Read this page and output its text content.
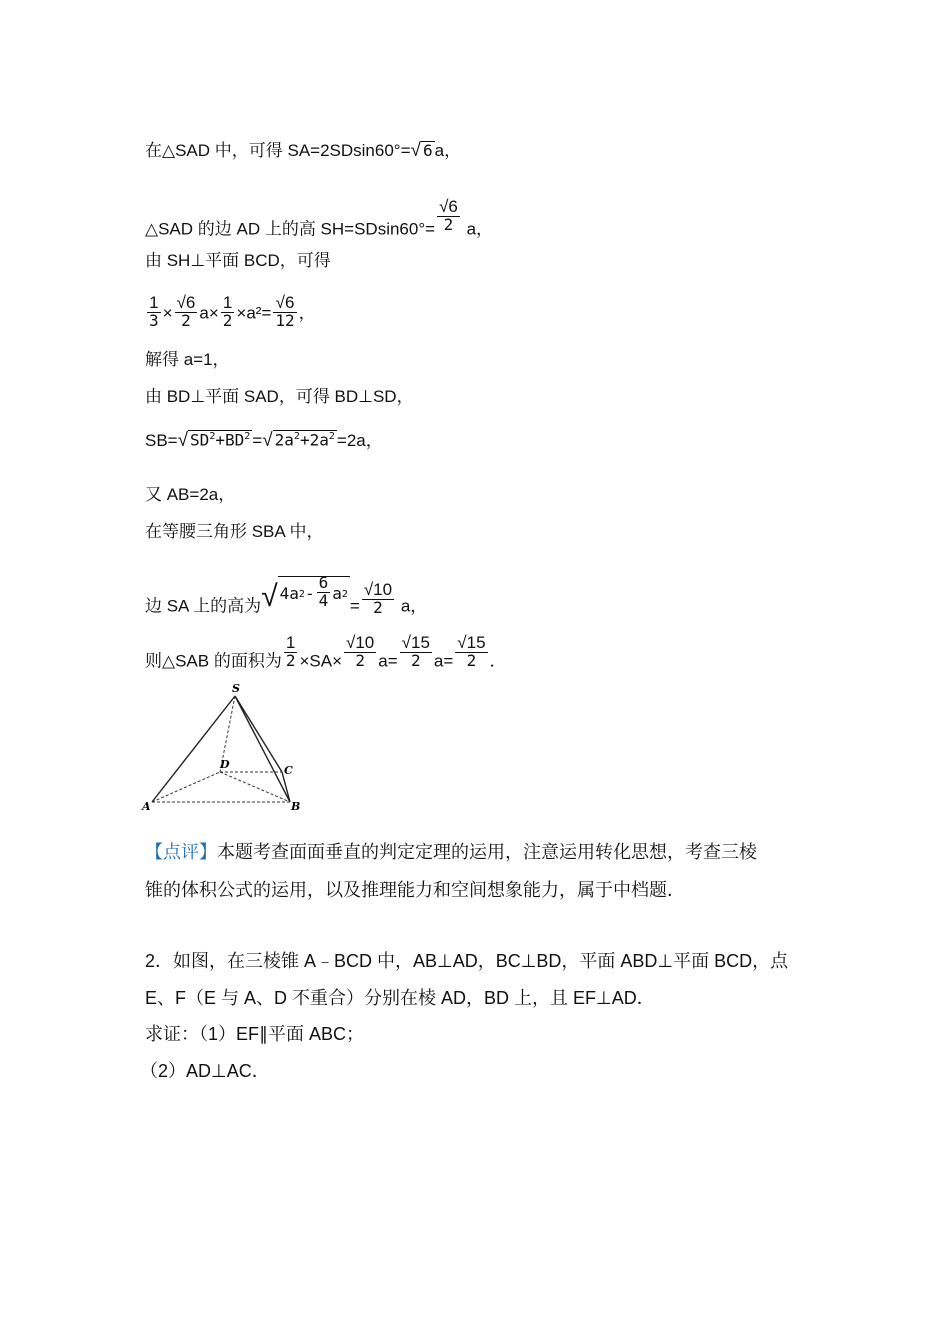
在△SAD 中，可得 SA=2SDsin60°= √ 6 a，
△SAD 的边 AD 上的高 $SH=SDsin60^\circ= \frac{√6}{2}$ a，
由 SH⊥平面 BCD，可得
$\frac{1}{3} \times \frac{√6}{2} a\times \frac{1}{2} \times a^2= \frac{√6}{12}$ ，
解得 a=1，
由 BD⊥平面 SAD，可得 BD⊥SD，
SB= √ $SD^2+BD^2$ = √ $2a^2+2a^2 =2a$，
又 AB=2a，
在等腰三角形 SBA 中，
边 SA 上的高为 √ 4a $2 - \frac{6}{4}$ a 2
= $\frac{√10}{2}$ a，
则△SAB 的面积为 $\frac{1}{2} \times SA\times \frac{√10}{2} a= \frac{√15}{2} a= \frac{√15}{2}$ ．
S
D	C
A	B
【点评】本题考查面面垂直的判定定理的运用，注意运用转化思想，考查三棱
锥的体积公式的运用，以及推理能力和空间想象能力，属于中档题．
2．如图，在三棱锥 A﹣BCD 中，AB⊥AD，BC⊥BD，平面 ABD⊥平面 BCD，点
E、F（E 与 A、D 不重合）分别在棱 AD，BD 上，且 EF⊥AD．
求证：（1）EF∥平面 ABC；
（2）AD⊥AC．
